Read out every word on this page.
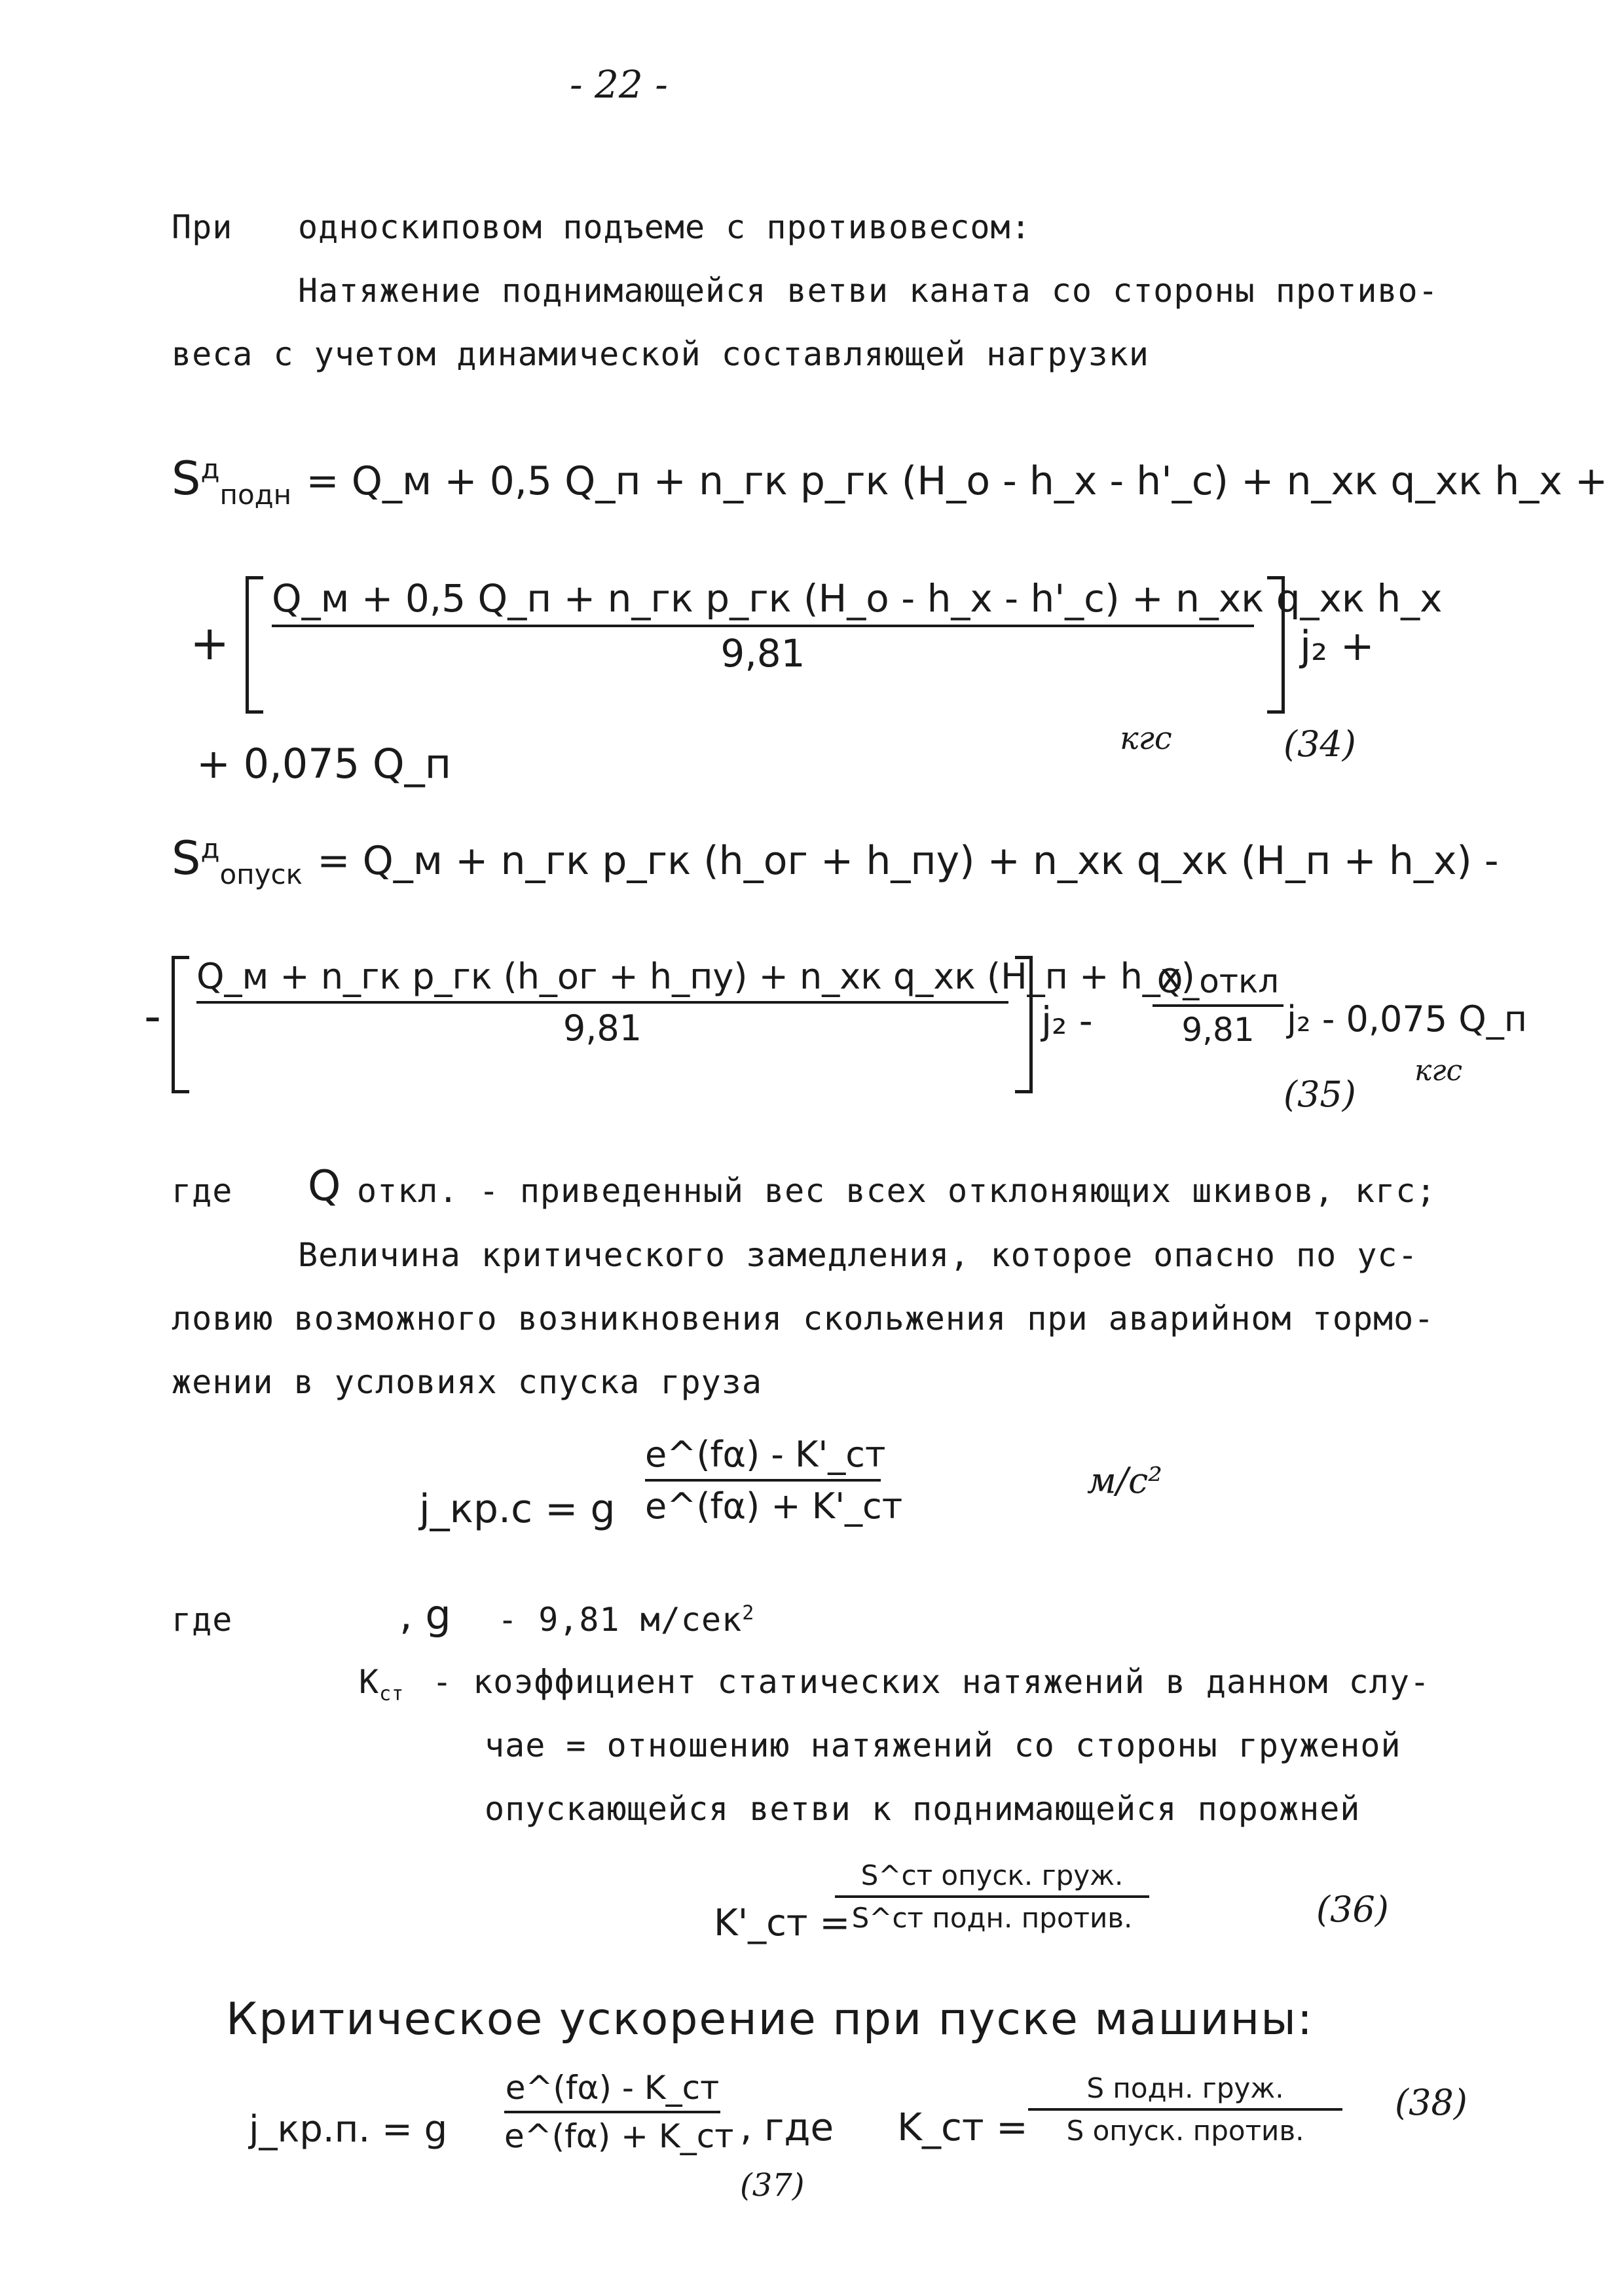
- 22 -
При односкиповом подъеме с противовесом:
Натяжение поднимающейся ветви каната со стороны противо-
веса с учетом динамической составляющей нагрузки
$S^д_{подн}$ = Q_м + 0,5 Q_п + n_гк p_гк (H_о - h_х - h'_с) + n_хк q_хк h_х +
+
Q_м + 0,5 Q_п + n_гк p_гк (H_о - h_х - h'_с) + n_хк q_хк h_х
9,81	j₂ +
+ 0,075 Q_п
кгс	(34)
$S^д_{опуск}$ = Q_м + n_гк p_гк (h_ог + h_пу) + n_хк q_хк (H_п + h_х) -
-
Q_м + n_гк p_гк (h_ог + h_пу) + n_хк q_хк (H_п + h_х)
9,81	j₂ -
Q_откл
9,81 j₂ - 0,075 Q_п
(35)
кгс
где Q откл. - приведенный вес всех отклоняющих шкивов, кгс;
Величина критического замедления, которое опасно по ус-
ловию возможного возникновения скольжения при аварийном тормо-
жении в условиях спуска груза
j_кр.с = g
e^(fα) - K'_ст
e^(fα) + K'_ст
м/с²
где	, g - 9,81 м/сек$^2$
$K_{ст}$ - коэффициент статических натяжений в данном слу-
чае = отношению натяжений со стороны груженой
опускающейся ветви к поднимающейся порожней
K'_ст =
S^ст опуск. груж.
S^ст подн. против.	(36)
Критическое ускорение при пуске машины:
j_кр.п. = g
e^(fα) - K_ст
e^(fα) + K_ст , где
(37)
K_ст =
S подн. груж.
S опуск. против.
(38)
